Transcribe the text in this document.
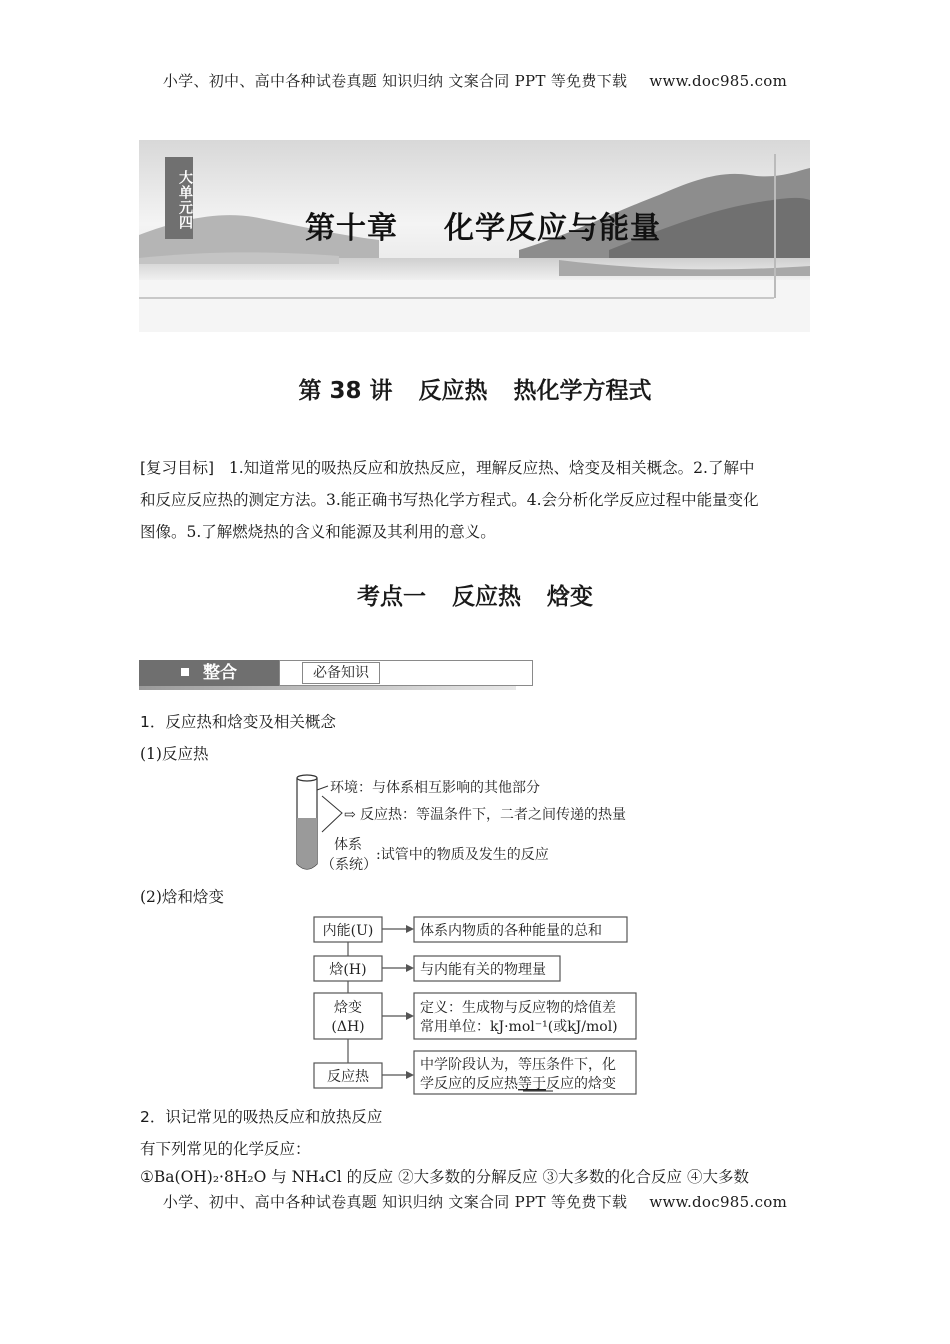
小学、初中、高中各种试卷真题 知识归纳 文案合同 PPT 等免费下载 www.doc985.com
大单元四	第十章 化学反应与能量
第 38 讲 反应热 热化学方程式
[复习目标] 1.知道常见的吸热反应和放热反应，理解反应热、焓变及相关概念。2.了解中
和反应反应热的测定方法。3.能正确书写热化学方程式。4.会分析化学反应过程中能量变化
图像。5.了解燃烧热的含义和能源及其利用的意义。
考点一 反应热 焓变
整合	必备知识
1．反应热和焓变及相关概念
(1)反应热
环境：与体系相互影响的其他部分
⇨ 反应热：等温条件下，二者之间传递的热量
体系
（系统）
:试管中的物质及发生的反应
(2)焓和焓变
内能(U)
焓(H)
焓变
(ΔH)
反应热
体系内物质的各种能量的总和
与内能有关的物理量
定义：生成物与反应物的焓值差
常用单位：kJ·mol⁻¹(或kJ/mol)
中学阶段认为，等压条件下，化
学反应的反应热等于反应的焓变
2．识记常见的吸热反应和放热反应
有下列常见的化学反应：
①Ba(OH)₂·8H₂O 与 NH₄Cl 的反应 ②大多数的分解反应 ③大多数的化合反应 ④大多数
小学、初中、高中各种试卷真题 知识归纳 文案合同 PPT 等免费下载 www.doc985.com
